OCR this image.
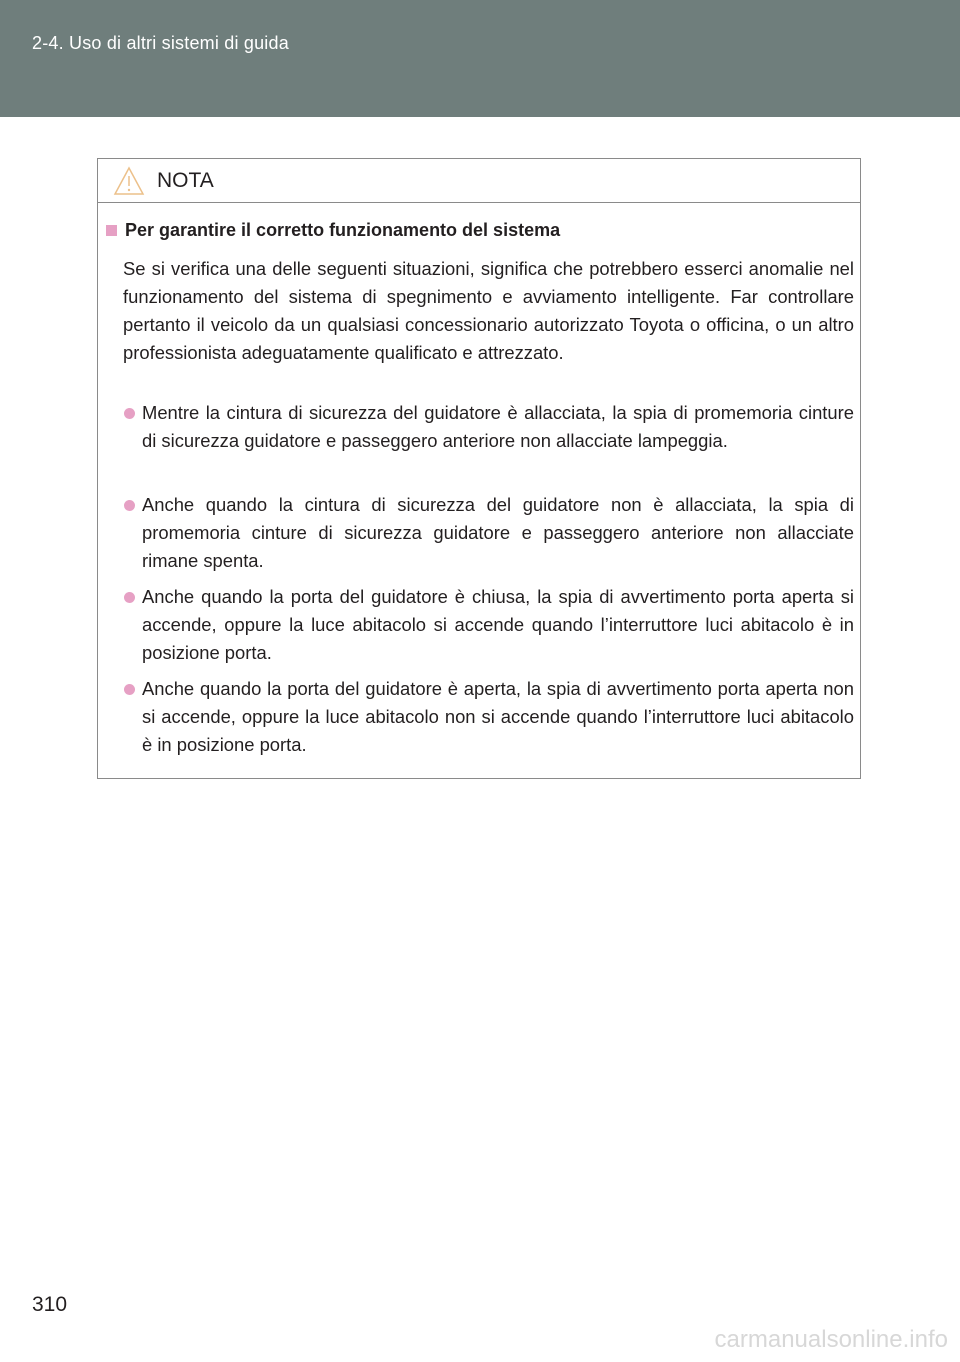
2-4. Uso di altri sistemi di guida
NOTA
Per garantire il corretto funzionamento del sistema
Se si verifica una delle seguenti situazioni, significa che potrebbero esserci anomalie nel funzionamento del sistema di spegnimento e avviamento intelligente. Far controllare pertanto il veicolo da un qualsiasi concessionario autorizzato Toyota o officina, o un altro professionista adeguatamente qualificato e attrezzato.
Mentre la cintura di sicurezza del guidatore è allacciata, la spia di promemoria cinture di sicurezza guidatore e passeggero anteriore non allacciate lampeggia.
Anche quando la cintura di sicurezza del guidatore non è allacciata, la spia di promemoria cinture di sicurezza guidatore e passeggero anteriore non allacciate rimane spenta.
Anche quando la porta del guidatore è chiusa, la spia di avvertimento porta aperta si accende, oppure la luce abitacolo si accende quando l’interruttore luci abitacolo è in posizione porta.
Anche quando la porta del guidatore è aperta, la spia di avvertimento porta aperta non si accende, oppure la luce abitacolo non si accende quando l’interruttore luci abitacolo è in posizione porta.
310
carmanualsonline.info
